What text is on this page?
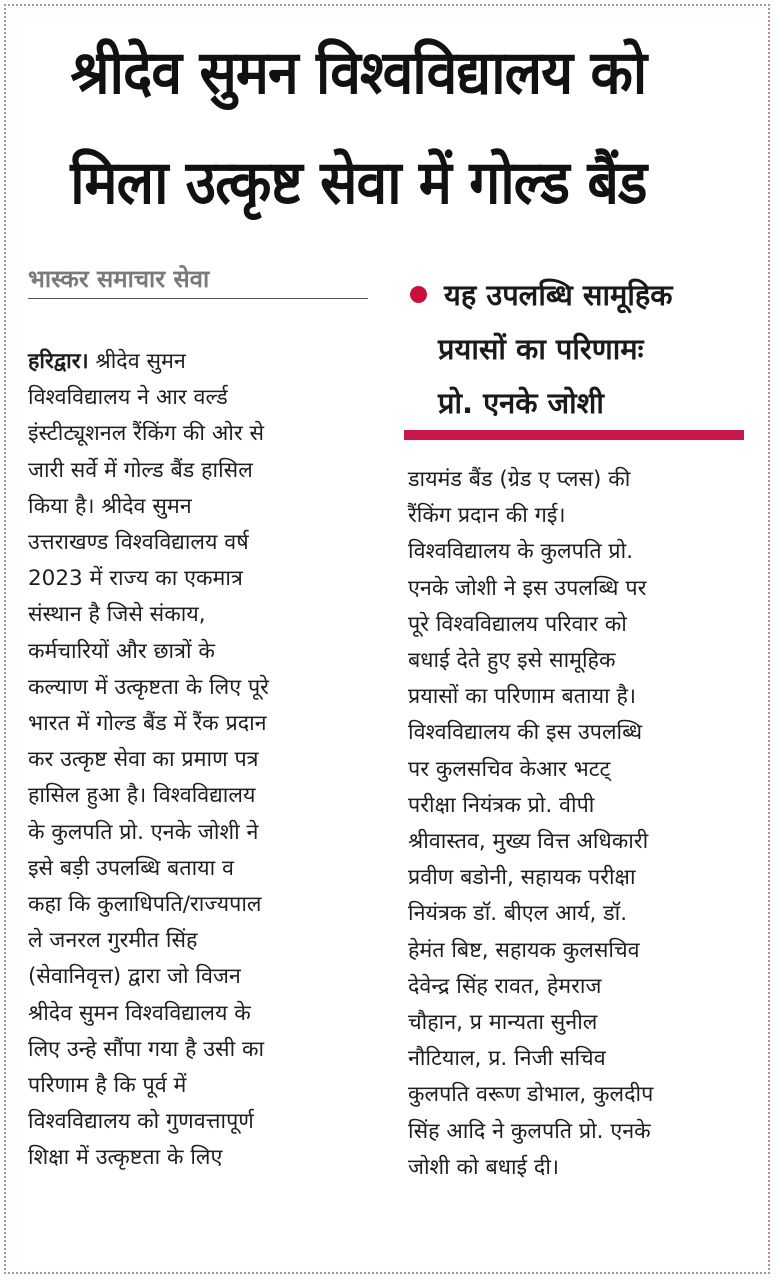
श्रीदेव सुमन विश्वविद्यालय को
मिला उत्कृष्ट सेवा में गोल्ड बैंड
भास्कर समाचार सेवा	यह उपलब्धि सामूहिक
प्रयासों का परिणामः
प्रो. एनके जोशी
हरिद्वार। श्रीदेव सुमन
विश्वविद्यालय ने आर वर्ल्ड
इंस्टीट्यूशनल रैंकिंग की ओर से
जारी सर्वे में गोल्ड बैंड हासिल
किया है। श्रीदेव सुमन
उत्तराखण्ड विश्वविद्यालय वर्ष
2023 में राज्य का एकमात्र
संस्थान है जिसे संकाय,
कर्मचारियों और छात्रों के
कल्याण में उत्कृष्टता के लिए पूरे
भारत में गोल्ड बैंड में रैंक प्रदान
कर उत्कृष्ट सेवा का प्रमाण पत्र
हासिल हुआ है। विश्वविद्यालय
के कुलपति प्रो. एनके जोशी ने
इसे बड़ी उपलब्धि बताया व
कहा कि कुलाधिपति/राज्यपाल
ले जनरल गुरमीत सिंह
(सेवानिवृत्त) द्वारा जो विजन
श्रीदेव सुमन विश्वविद्यालय के
लिए उन्हे सौंपा गया है उसी का
परिणाम है कि पूर्व में
विश्वविद्यालय को गुणवत्तापूर्ण
शिक्षा में उत्कृष्टता के लिए
डायमंड बैंड (ग्रेड ए प्लस) की
रैंकिंग प्रदान की गई।
विश्वविद्यालय के कुलपति प्रो.
एनके जोशी ने इस उपलब्धि पर
पूरे विश्वविद्यालय परिवार को
बधाई देते हुए इसे सामूहिक
प्रयासों का परिणाम बताया है।
विश्वविद्यालय की इस उपलब्धि
पर कुलसचिव केआर भटट्
परीक्षा नियंत्रक प्रो. वीपी
श्रीवास्तव, मुख्य वित्त अधिकारी
प्रवीण बडोनी, सहायक परीक्षा
नियंत्रक डॉ. बीएल आर्य, डॉ.
हेमंत बिष्ट, सहायक कुलसचिव
देवेन्द्र सिंह रावत, हेमराज
चौहान, प्र मान्यता सुनील
नौटियाल, प्र. निजी सचिव
कुलपति वरूण डोभाल, कुलदीप
सिंह आदि ने कुलपति प्रो. एनके
जोशी को बधाई दी।
